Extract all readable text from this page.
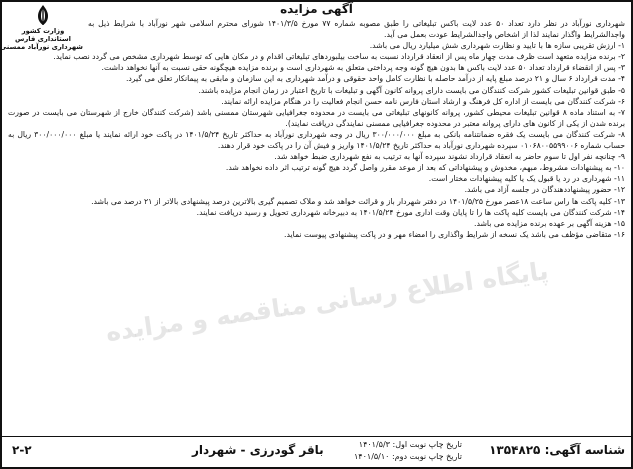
آگهی مزایده
وزارت کشور
استانداری فارس
شهرداری نورآباد ممسنی

شهرداری نورآباد در نظر دارد تعداد ۵۰ عدد لایت باکس تبلیغاتی را طبق مصوبه شماره ۷۷ مورخ ۱۴۰۱/۳/۵ شورای محترم اسلامی شهر نورآباد با شرایط ذیل به واجدالشرایط واگذار نمایند لذا از اشخاص واجدالشرایط عودت بعمل می آید.

۱- ارزش تقریبی سازه ها با تایید و نظارت شهرداری شش میلیارد ریال می باشد.

۲- برنده مزایده متعهد است ظرف مدت چهار ماه پس از انعقاد قرارداد نسبت به ساخت بیلبوردهای تبلیغاتی اقدام و در مکان هایی که توسط شهرداری مشخص می گردد نصب نماید.

۳- پس از انقضاء قرارداد تعداد ۵۰ عدد لایت باکس ها بدون هیچ گونه وجه پرداختی متعلق به شهرداری است و برنده مزایده هیچگونه حقی نسبت به آنها نخواهد داشت.

۴- مدت قرارداد ۶ سال و ۲۱ درصد مبلغ پایه از درآمد حاصله با نظارت کامل واحد حقوقی و درآمد شهرداری به این سازمان و مابقی به پیمانکار تعلق می گیرد.

۵- طبق قوانین تبلیغات کشور شرکت کنندگان می بایست دارای پروانه کانون آگهی و تبلیغات با تاریخ اعتبار در زمان انجام مزایده باشند.

۶- شرکت کنندگان می بایست از اداره کل فرهنگ و ارشاد استان فارس نامه حسن انجام فعالیت را در هنگام مزایده ارائه نمایند.

۷- به استناد ماده ۸ قوانین تبلیغات محیطی کشور، پروانه کانونهای تبلیغاتی می بایست در محدوده جغرافیایی شهرستان ممسنی باشد (شرکت کنندگان خارج از شهرستان می بایست در صورت برنده شدن از یکی از کانون های دارای پروانه معتبر در محدوده جغرافیایی ممسنی نمایندگی دریافت نمایند).

۸- شرکت کنندگان می بایست یک فقره ضمانتنامه بانکی به مبلغ ۳۰۰/۰۰۰/۰۰۰ ریال در وجه شهرداری نورآباد به حداکثر تاریخ ۱۴۰۱/۵/۲۴ در پاکت خود ارائه نمایند یا مبلغ ۳۰۰/۰۰۰/۰۰۰ ریال به حساب شماره ۰۱۰۶۸۰۰۵۵۹۹۰۰۶ سپرده شهرداری نورآباد به حداکثر تاریخ ۱۴۰۱/۵/۲۴ واریز و فیش آن را در پاکت خود قرار دهند.

۹- چنانچه نفر اول تا سوم حاضر به انعقاد قرارداد نشوند سپرده آنها به ترتیب به نفع شهرداری ضبط خواهد شد.

۱۰- به پیشنهادات مشروط، مبهم، مخدوش و پیشنهاداتی که بعد از موعد مقرر واصل گردد هیچ گونه ترتیب اثر داده نخواهد شد.

۱۱- شهرداری در رد یا قبول یک یا کلیه پیشنهادات مختار است.

۱۲- حضور پیشنهاددهندگان در جلسه آزاد می باشد.

۱۳- کلیه پاکت ها راس ساعت ۱۸عصر مورخ ۱۴۰۱/۵/۲۵ در دفتر شهردار باز و قرائت خواهد شد و ملاک تصمیم گیری بالاترین درصد پیشنهادی بالاتر از ۲۱ درصد می باشد.

۱۴- شرکت کنندگان می بایست کلیه پاکت ها را تا پایان وقت اداری مورخ ۱۴۰۱/۵/۲۴ به دبیرخانه شهرداری تحویل و رسید دریافت نمایند.

۱۵- هزینه آگهی بر عهده برنده مزایده می باشد.

۱۶- متقاضی مؤظف می باشد یک نسخه از شرایط واگذاری را امضاء مهر و در پاکت پیشنهادی پیوست نماید.

پایگاه اطلاع رسانی مناقصه و مزایده
شناسه آگهی: ۱۳۵۴۸۲۵
تاریخ چاپ نوبت اول: ۱۴۰۱/۵/۳
تاریخ چاپ نوبت دوم: ۱۴۰۱/۵/۱۰
باقر گودرزی - شهردار
۲-۲
